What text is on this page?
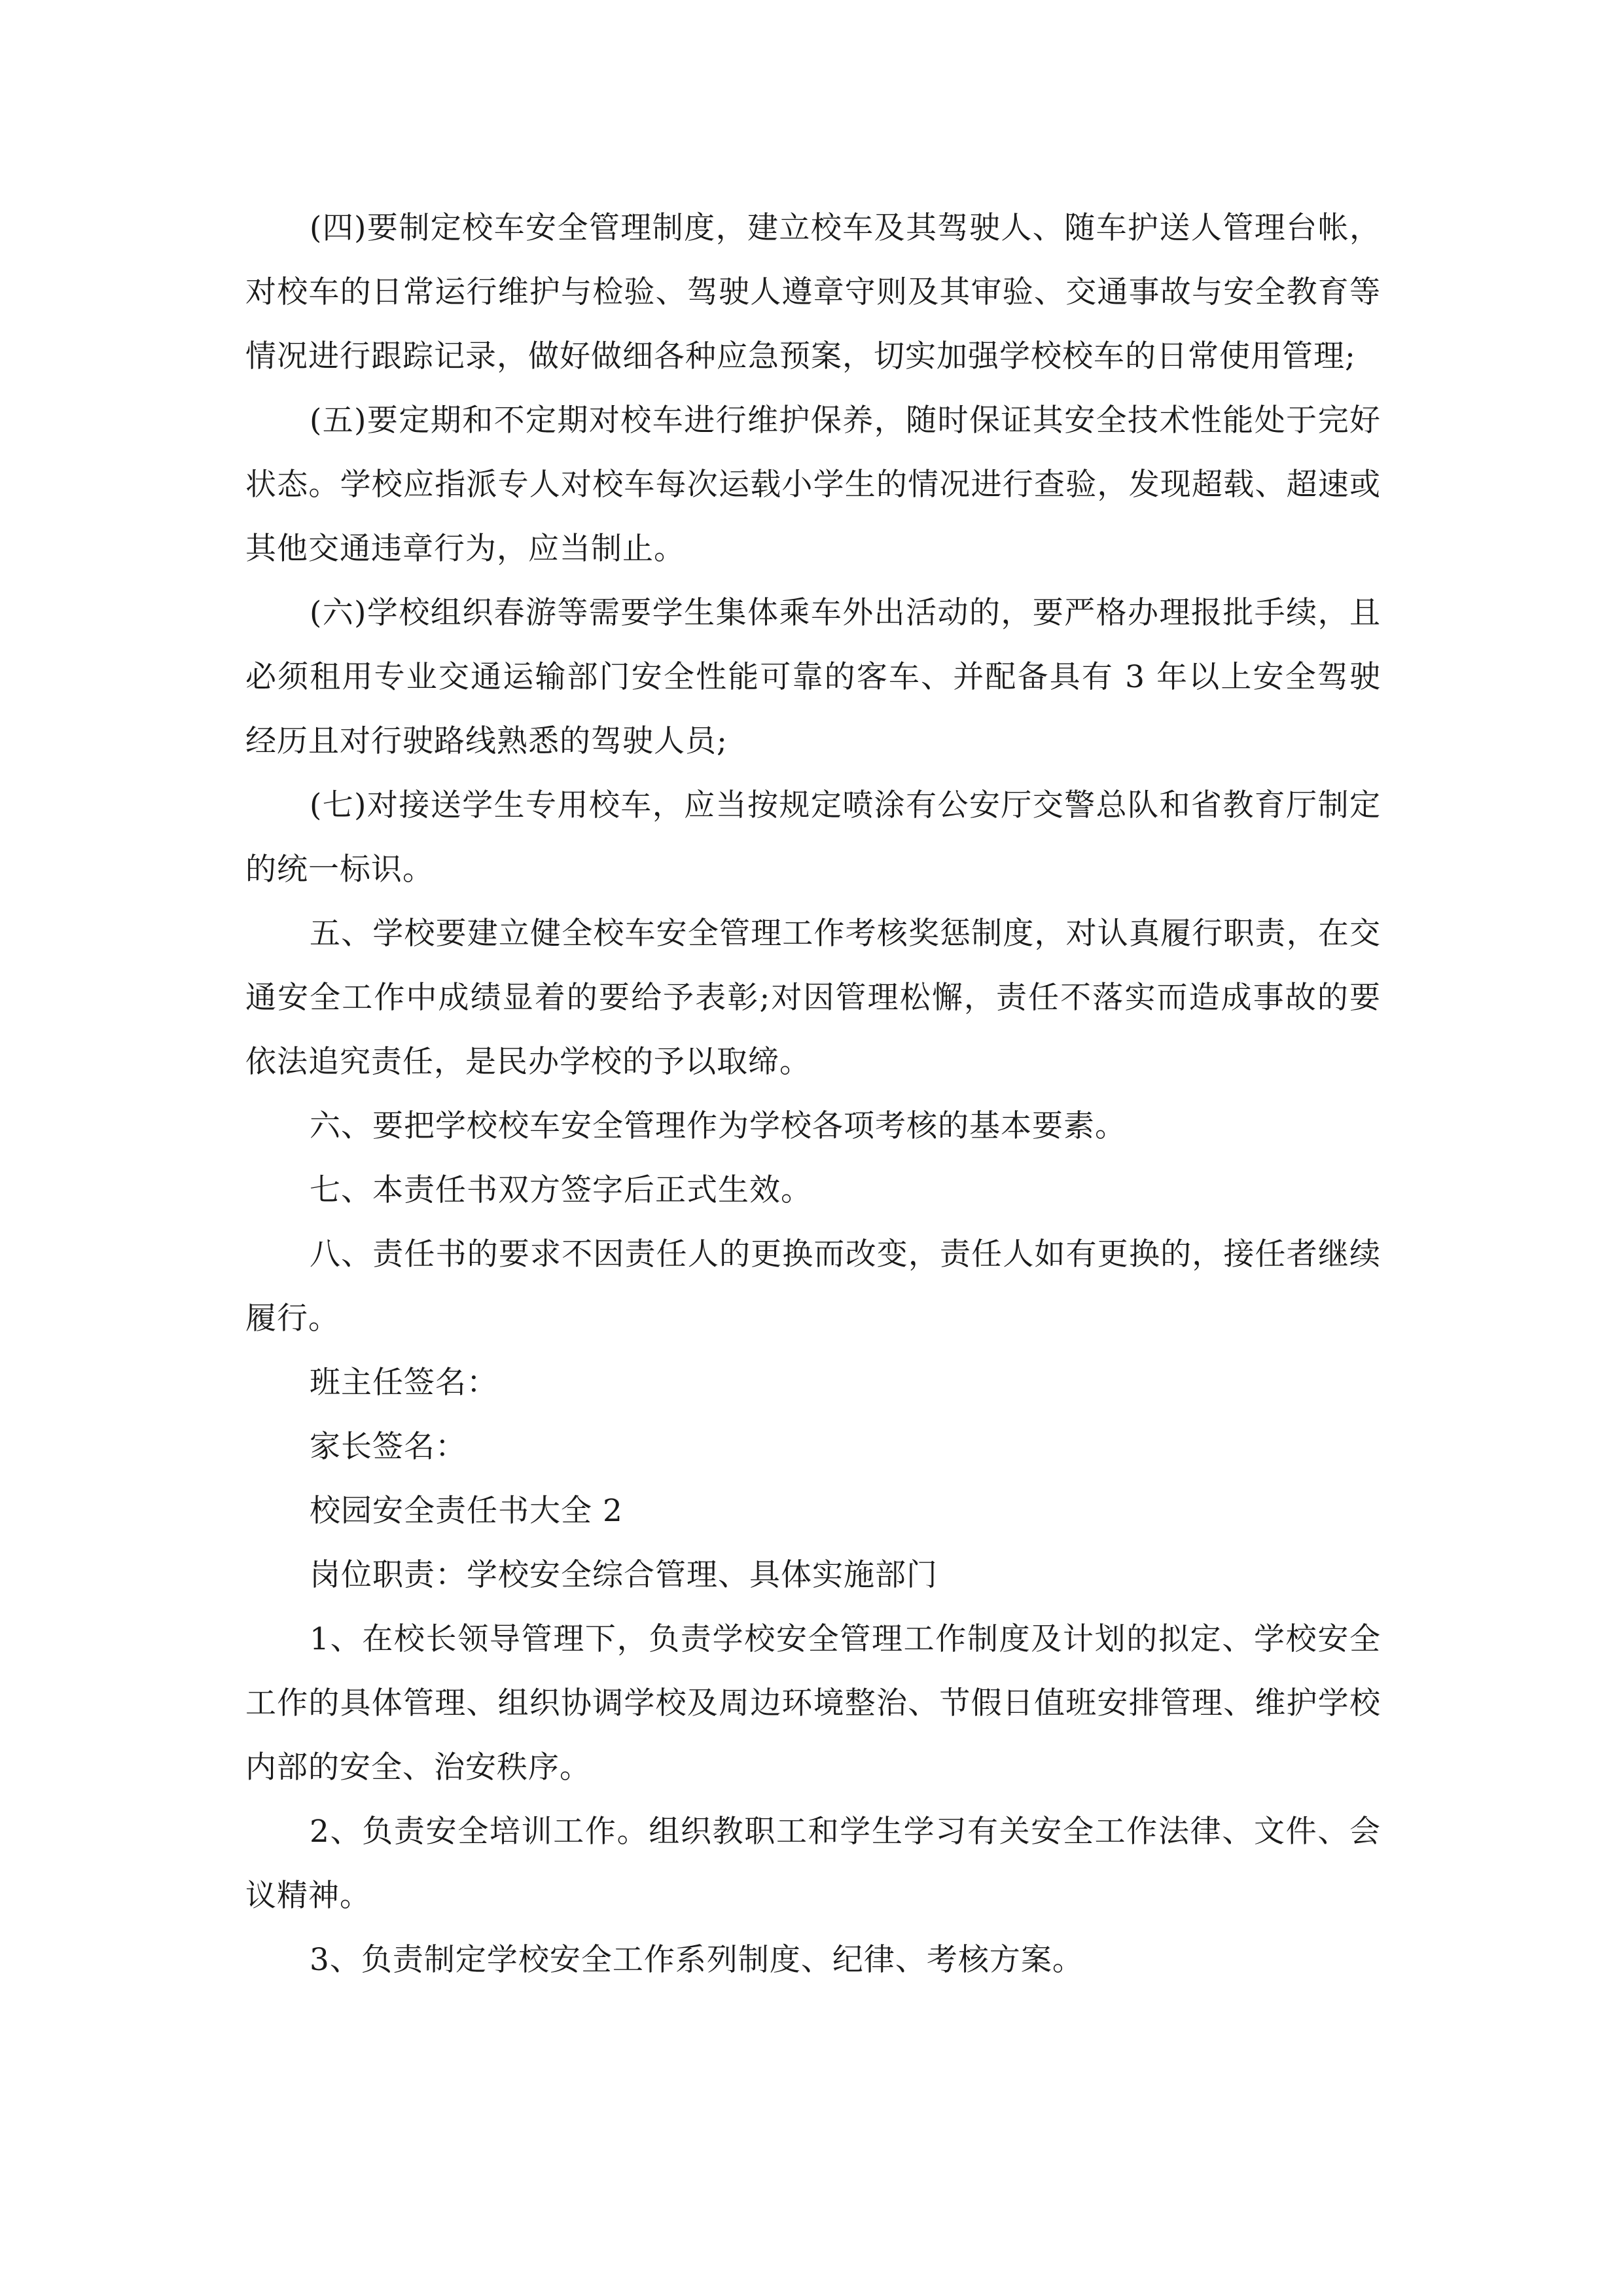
(四)要制定校车安全管理制度，建立校车及其驾驶人、随车护送人管理台帐，对校车的日常运行维护与检验、驾驶人遵章守则及其审验、交通事故与安全教育等情况进行跟踪记录，做好做细各种应急预案，切实加强学校校车的日常使用管理;

(五)要定期和不定期对校车进行维护保养，随时保证其安全技术性能处于完好状态。学校应指派专人对校车每次运载小学生的情况进行查验，发现超载、超速或其他交通违章行为，应当制止。

(六)学校组织春游等需要学生集体乘车外出活动的，要严格办理报批手续，且必须租用专业交通运输部门安全性能可靠的客车、并配备具有 3 年以上安全驾驶经历且对行驶路线熟悉的驾驶人员;

(七)对接送学生专用校车，应当按规定喷涂有公安厅交警总队和省教育厅制定的统一标识。

五、学校要建立健全校车安全管理工作考核奖惩制度，对认真履行职责，在交通安全工作中成绩显着的要给予表彰;对因管理松懈，责任不落实而造成事故的要依法追究责任，是民办学校的予以取缔。

六、要把学校校车安全管理作为学校各项考核的基本要素。

七、本责任书双方签字后正式生效。

八、责任书的要求不因责任人的更换而改变，责任人如有更换的，接任者继续履行。

班主任签名：

家长签名：

校园安全责任书大全 2

岗位职责：学校安全综合管理、具体实施部门

1、在校长领导管理下，负责学校安全管理工作制度及计划的拟定、学校安全工作的具体管理、组织协调学校及周边环境整治、节假日值班安排管理、维护学校内部的安全、治安秩序。

2、负责安全培训工作。组织教职工和学生学习有关安全工作法律、文件、会议精神。

3、负责制定学校安全工作系列制度、纪律、考核方案。
